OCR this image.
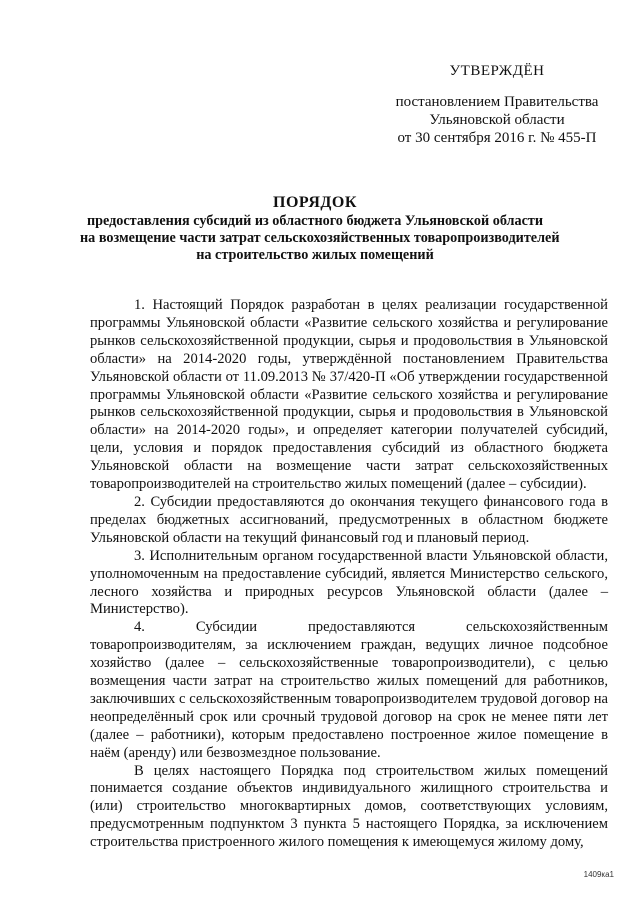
УТВЕРЖДЁН
постановлением Правительства
Ульяновской области
от 30 сентября 2016 г. № 455-П
ПОРЯДОК
предоставления субсидий из областного бюджета Ульяновской области
на возмещение части затрат сельскохозяйственных товаропроизводителей
на строительство жилых помещений

1. Настоящий Порядок разработан в целях реализации государственной программы Ульяновской области «Развитие сельского хозяйства и регулирование рынков сельскохозяйственной продукции, сырья и продовольствия в Ульяновской области» на 2014-2020 годы, утверждённой постановлением Правительства Ульяновской области от 11.09.2013 № 37/420-П «Об утверждении государственной программы Ульяновской области «Развитие сельского хозяйства и регулирование рынков сельскохозяйственной продукции, сырья и продовольствия в Ульяновской области» на 2014-2020 годы», и определяет категории получателей субсидий, цели, условия и порядок предоставления субсидий из областного бюджета Ульяновской области на возмещение части затрат сельскохозяйственных товаропроизводителей на строительство жилых помещений (далее – субсидии).

2. Субсидии предоставляются до окончания текущего финансового года в пределах бюджетных ассигнований, предусмотренных в областном бюджете Ульяновской области на текущий финансовый год и плановый период.

3. Исполнительным органом государственной власти Ульяновской области, уполномоченным на предоставление субсидий, является Министерство сельского, лесного хозяйства и природных ресурсов Ульяновской области (далее – Министерство).

4. Субсидии предоставляются сельскохозяйственным товаропроизводителям, за исключением граждан, ведущих личное подсобное хозяйство (далее – сельскохозяйственные товаропроизводители), с целью возмещения части затрат на строительство жилых помещений для работников, заключивших с сельскохозяйственным товаропроизводителем трудовой договор на неопределённый срок или срочный трудовой договор на срок не менее пяти лет (далее – работники), которым предоставлено построенное жилое помещение в наём (аренду) или безвозмездное пользование.

В целях настоящего Порядка под строительством жилых помещений понимается создание объектов индивидуального жилищного строительства и (или) строительство многоквартирных домов, соответствующих условиям, предусмотренным подпунктом 3 пункта 5 настоящего Порядка, за исключением строительства пристроенного жилого помещения к имеющемуся жилому дому,

1409ка1
